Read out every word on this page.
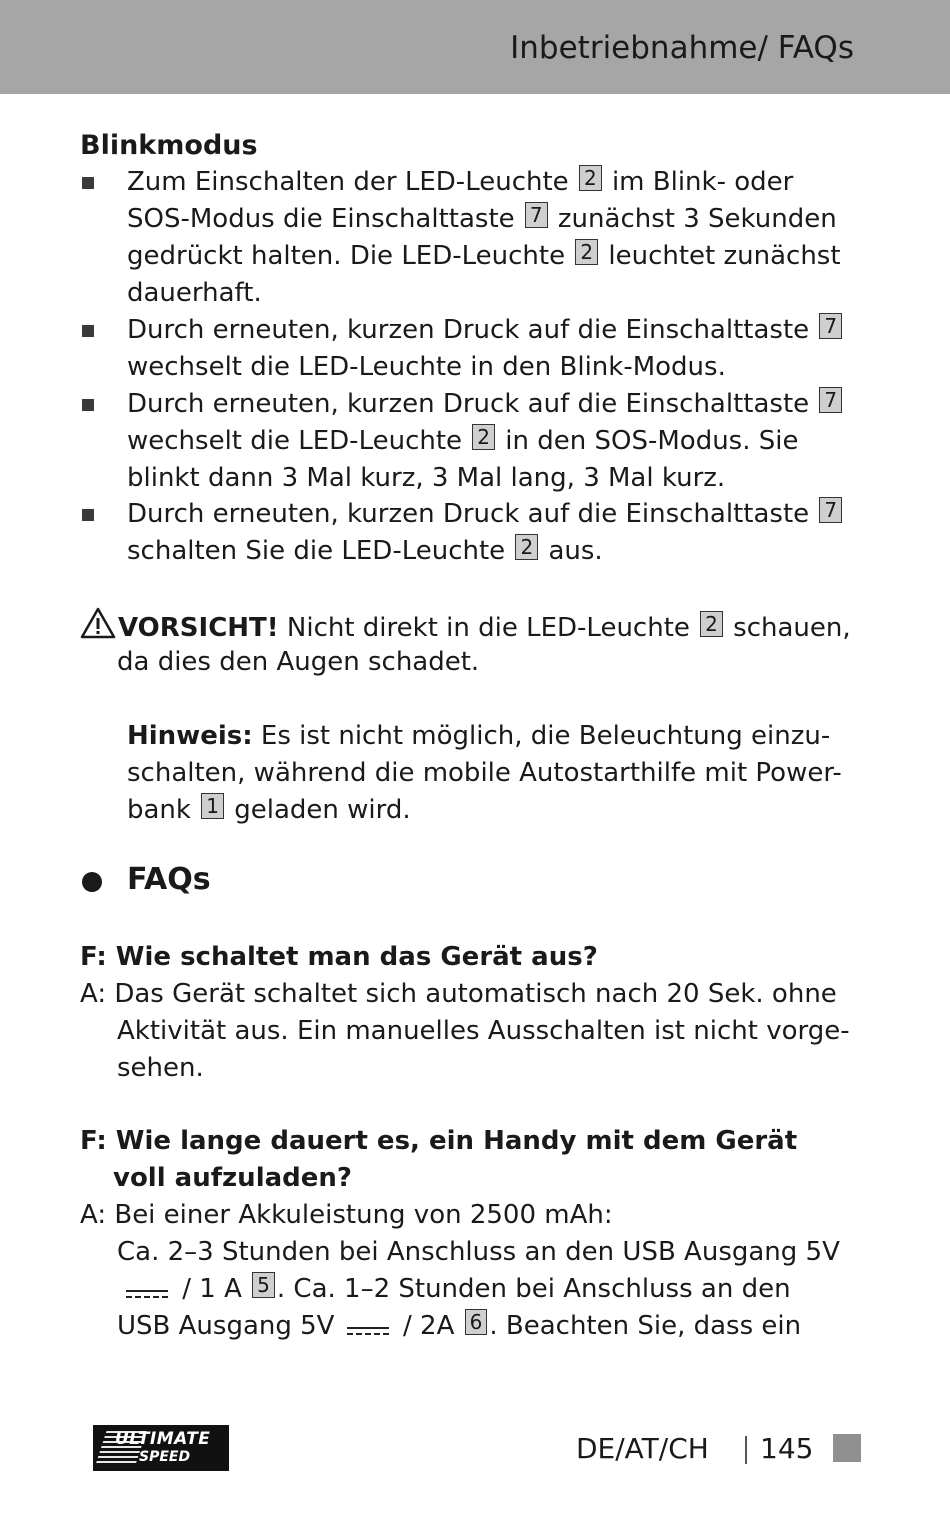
Inbetriebnahme/ FAQs
Blinkmodus
Zum Einschalten der LED-Leuchte 2 im Blink- oder
SOS-Modus die Einschalttaste 7 zunächst 3 Sekunden
gedrückt halten. Die LED-Leuchte 2 leuchtet zunächst
dauerhaft.
Durch erneuten, kurzen Druck auf die Einschalttaste 7
wechselt die LED-Leuchte in den Blink-Modus.
Durch erneuten, kurzen Druck auf die Einschalttaste 7
wechselt die LED-Leuchte 2 in den SOS-Modus. Sie
blinkt dann 3 Mal kurz, 3 Mal lang, 3 Mal kurz.
Durch erneuten, kurzen Druck auf die Einschalttaste 7
schalten Sie die LED-Leuchte 2 aus.
VORSICHT! Nicht direkt in die LED-Leuchte 2 schauen,
da dies den Augen schadet.
Hinweis: Es ist nicht möglich, die Beleuchtung einzu-
schalten, während die mobile Autostarthilfe mit Power-
bank 1 geladen wird.
FAQs
F: Wie schaltet man das Gerät aus?
A: Das Gerät schaltet sich automatisch nach 20 Sek. ohne
Aktivität aus. Ein manuelles Ausschalten ist nicht vorge-
sehen.
F: Wie lange dauert es, ein Handy mit dem Gerät
voll aufzuladen?
A: Bei einer Akkuleistung von 2500 mAh:
Ca. 2–3 Stunden bei Anschluss an den USB Ausgang 5V
/ 1 A 5 . Ca. 1–2 Stunden bei Anschluss an den
USB Ausgang 5V	/ 2A 6 . Beachten Sie, dass ein
ULTIMATE
SPEED	DE/AT/CH 145
